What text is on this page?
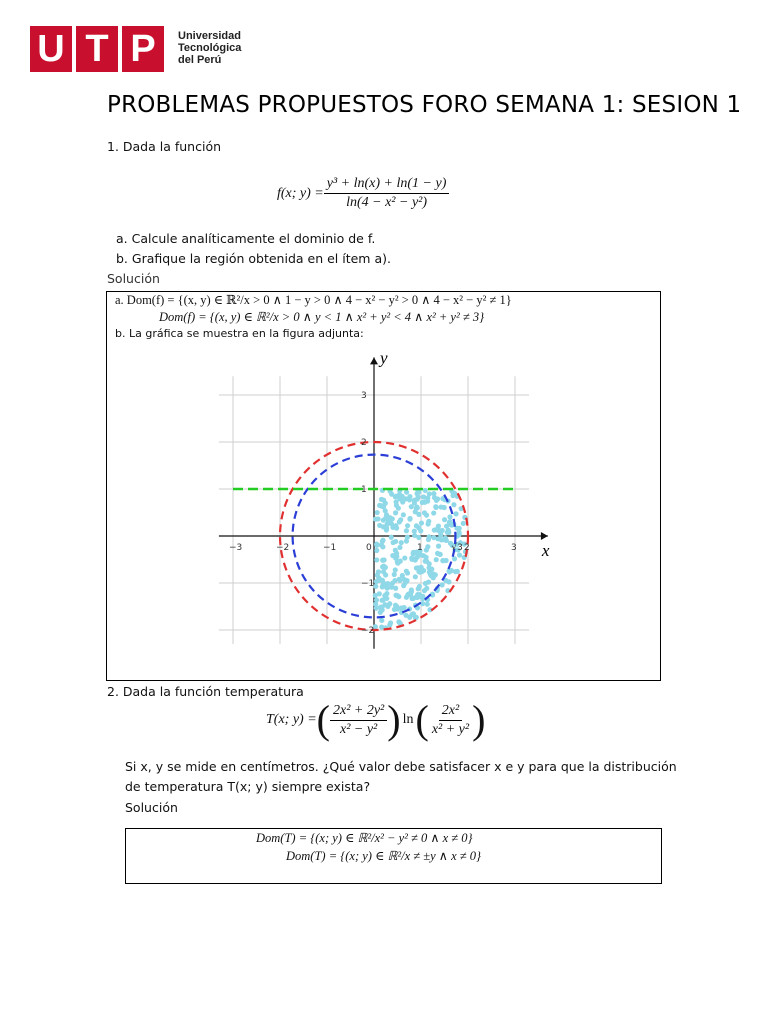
U T P	Universidad
Tecnológica
del Perú
PROBLEMAS PROPUESTOS FORO SEMANA 1: SESION 1
1. Dada la función
f(x; $y) = \frac{\text{y³ + ln(x) + ln(1 − y)}}{\text{ln(4 − x² − y²)}}$
a. Calcule analíticamente el dominio de f.
b. Grafique la región obtenida en el ítem a).
Solución
a. Dom(f) = {(x, y) ∈ ℝ²/x > 0 ∧ 1 − y > 0 ∧ 4 − x² − y² > 0 ∧ 4 − x² − y² ≠ 1}
Dom(f) = {(x, y) ∈ ℝ²/x > 0 ∧ y < 1 ∧ x² + y² < 4 ∧ x² + y² ≠ 3}
b. La gráfica se muestra en la figura adjunta:
−3	−2	−1	0	1	√3 2	3
3
2
1
−1
−2
x
y
2. Dada la función temperatura
T(x; y) = ( $\frac{\text{2x² + 2y²}}{\text{x² − y²}}$ ) ln ( $\frac{\text{2x²}}{\text{x² + y²}}$ )
Si x, y se mide en centímetros. ¿Qué valor debe satisfacer x e y para que la distribución
de temperatura T(x; y) siempre exista?
Solución
Dom(T) = {(x; y) ∈ ℝ²/x² − y² ≠ 0 ∧ x ≠ 0}
Dom(T) = {(x; y) ∈ ℝ²/x ≠ ±y ∧ x ≠ 0}
